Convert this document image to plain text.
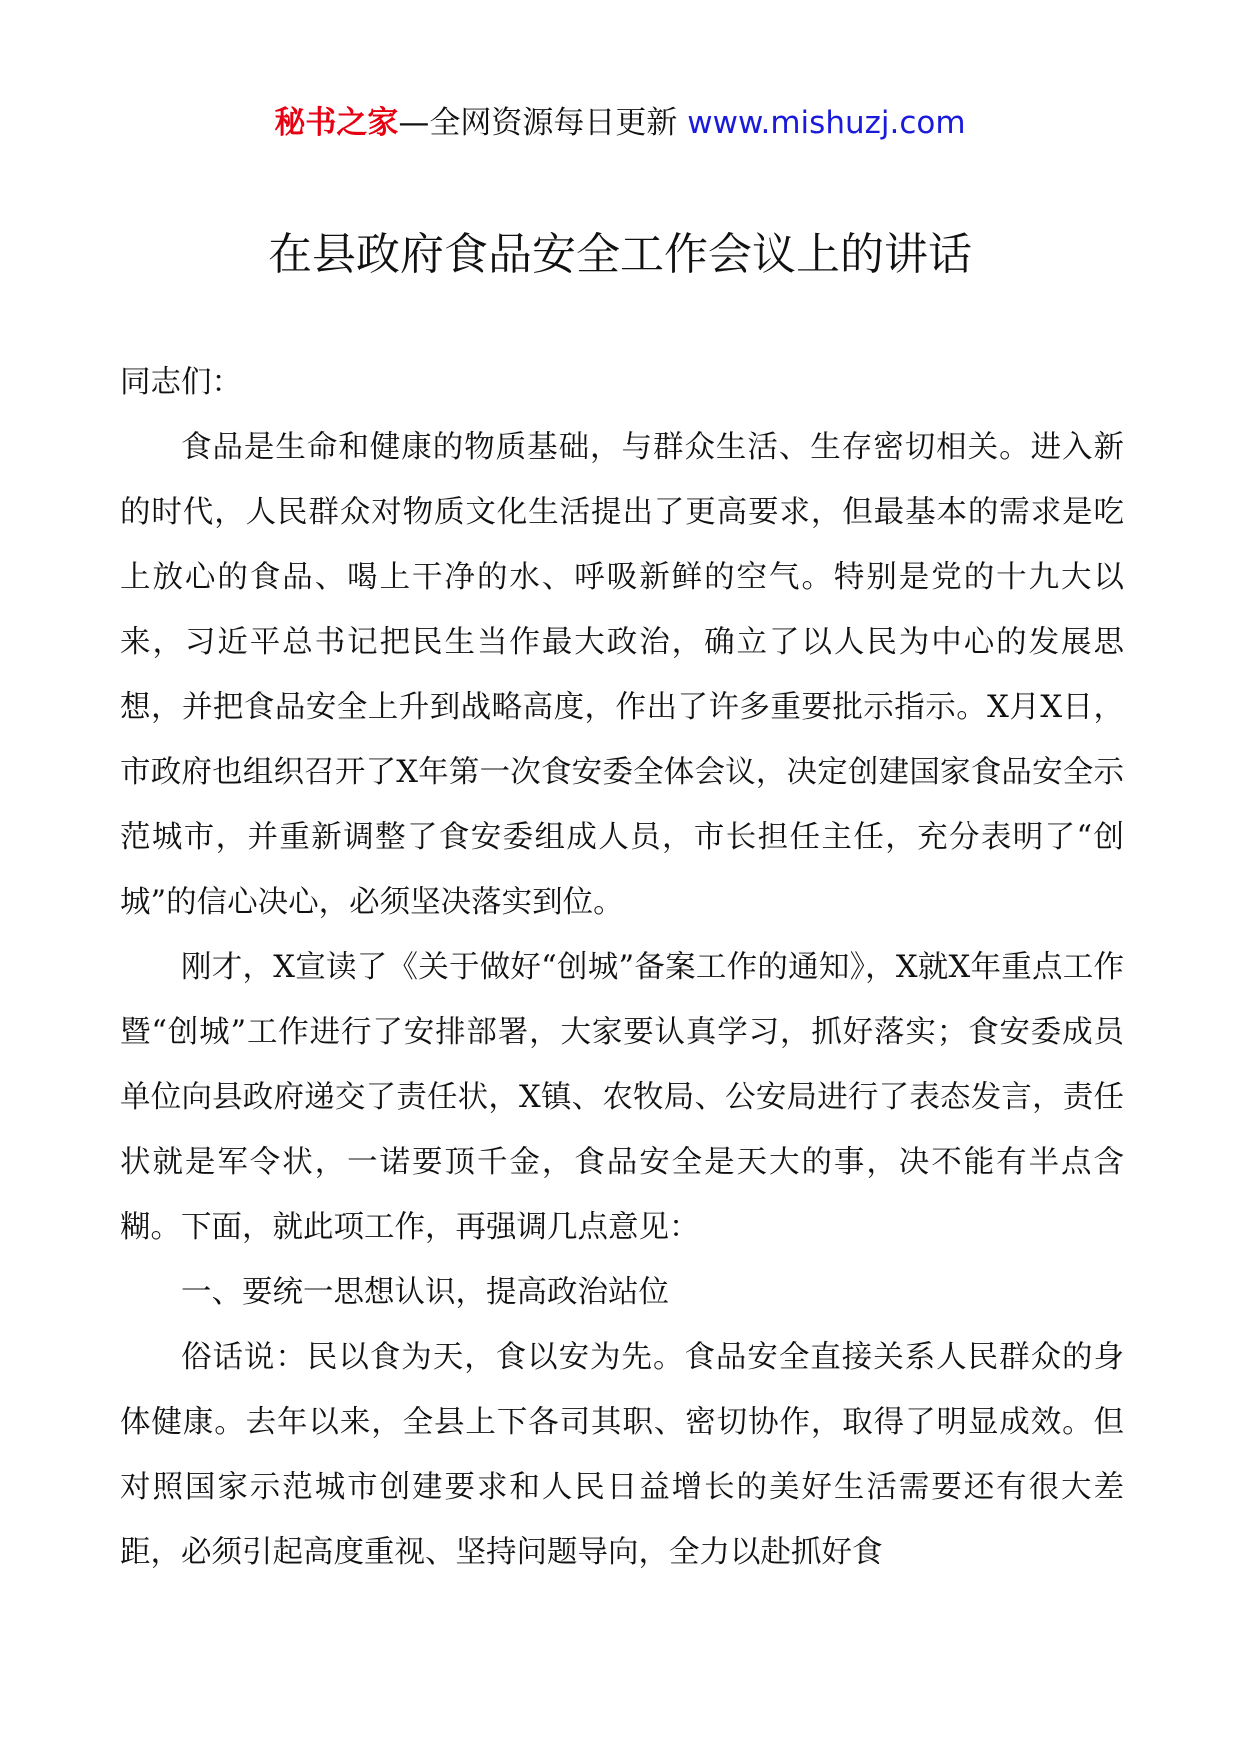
秘书之家—全网资源每日更新 www.mishuzj.com
在县政府食品安全工作会议上的讲话

同志们：

食品是生命和健康的物质基础，与群众生活、生存密切相关。进入新的时代，人民群众对物质文化生活提出了更高要求，但最基本的需求是吃上放心的食品、喝上干净的水、呼吸新鲜的空气。特别是党的十九大以来，习近平总书记把民生当作最大政治，确立了以人民为中心的发展思想，并把食品安全上升到战略高度，作出了许多重要批示指示。X月X日，市政府也组织召开了X年第一次食安委全体会议，决定创建国家食品安全示范城市，并重新调整了食安委组成人员，市长担任主任，充分表明了“创城”的信心决心，必须坚决落实到位。

刚才，X宣读了《关于做好“创城”备案工作的通知》，X就X年重点工作暨“创城”工作进行了安排部署，大家要认真学习，抓好落实；食安委成员单位向县政府递交了责任状，X镇、农牧局、公安局进行了表态发言，责任状就是军令状，一诺要顶千金，食品安全是天大的事，决不能有半点含糊。下面，就此项工作，再强调几点意见：

一、要统一思想认识，提高政治站位

俗话说：民以食为天，食以安为先。食品安全直接关系人民群众的身体健康。去年以来，全县上下各司其职、密切协作，取得了明显成效。但对照国家示范城市创建要求和人民日益增长的美好生活需要还有很大差距，必须引起高度重视、坚持问题导向，全力以赴抓好食
